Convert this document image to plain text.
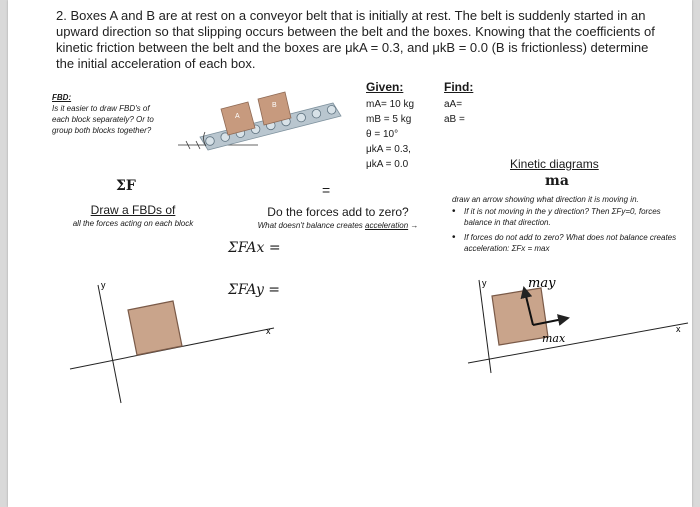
2. Boxes A and B are at rest on a conveyor belt that is initially at rest. The belt is suddenly started in an upward direction so that slipping occurs between the belt and the boxes. Knowing that the coefficients of kinetic friction between the belt and the boxes are μkA = 0.3, and μkB = 0.0 (B is frictionless) determine the initial acceleration of each box.
FBD:
Is it easier to draw FBD's of each block separately? Or to group both blocks together?
A
B
Given:
mA= 10 kg
mB = 5 kg
θ = 10°
μkA = 0.3,
μkA = 0.0
Find:
aA=
aB =
ΣF	=
Draw a FBDs of
all the forces acting on each block
Do the forces add to zero?
What doesn't balance creates acceleration →
ΣFAx =
ΣFAy =
Kinetic diagrams
ma
draw an arrow showing what direction it is moving in.
• If it is not moving in the y direction? Then ΣFy=0, forces balance in that direction.
• If forces do not add to zero? What does not balance creates acceleration: ΣFx = max
y
x
y
x
may
max
